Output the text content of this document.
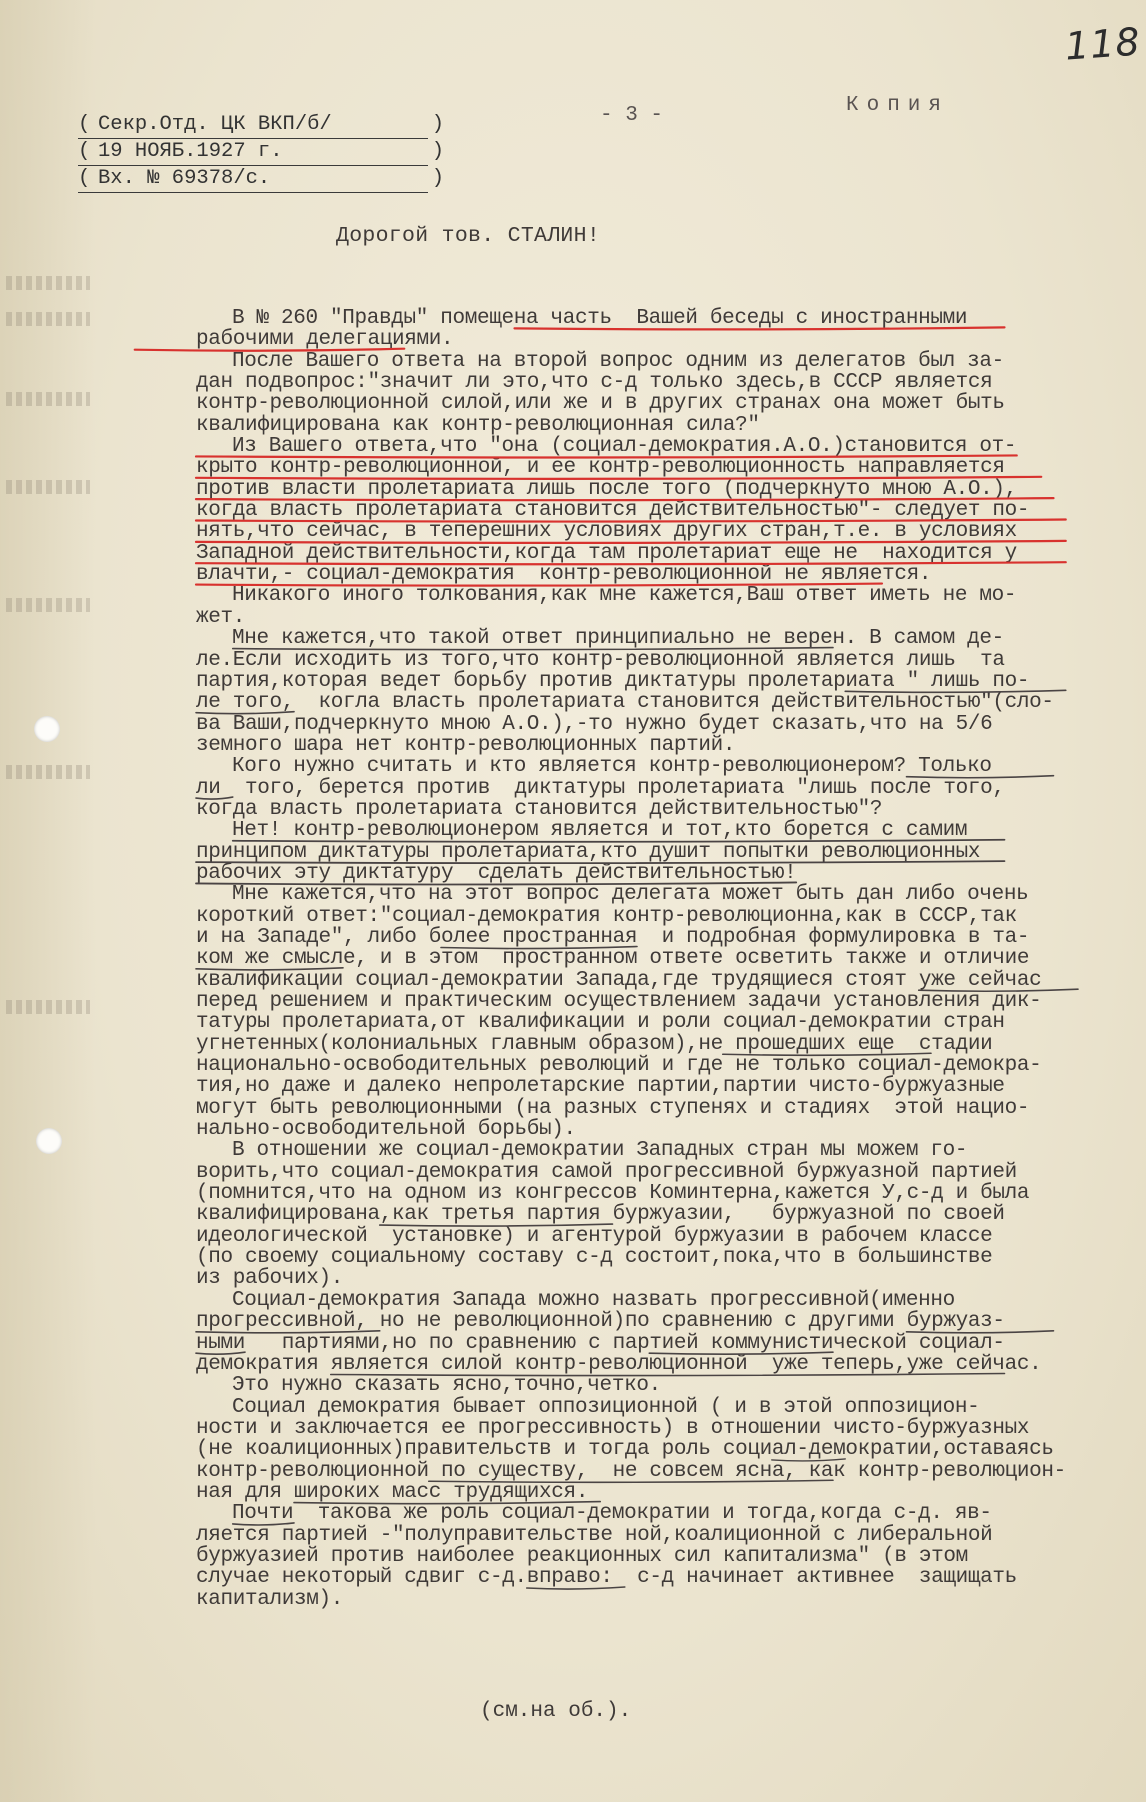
118
Копия
- 3 -
( Секр.Отд. ЦК ВКП/б/ )
( 19 НОЯБ.1927 г. )
( Вх. № 69378/с. )
Дорогой тов. СТАЛИН!
В № 260 "Правды" помещена часть  Вашей беседы с иностранными
рабочими делегациями.
После Вашего ответа на второй вопрос одним из делегатов был за-
дан подвопрос:"значит ли это,что с-д только здесь,в СССР является
контр-революционной силой,или же и в других странах она может быть
квалифицирована как контр-революционная сила?"
Из Вашего ответа,что "она (социал-демократия.А.О.)становится от-
крыто контр-революционной, и ее контр-революционность направляется
против власти пролетариата лишь после того (подчеркнуто мною А.О.),
когда власть пролетариата становится действительностью"- следует по-
нять,что сейчас, в теперешних условиях других стран,т.е. в условиях
Западной действительности,когда там пролетариат еще не  находится у
влачти,- социал-демократия  контр-революционной не является.
Никакого иного толкования,как мне кажется,Ваш ответ иметь не мо-
жет.
Мне кажется,что такой ответ принципиально не верен. В самом де-
ле.Если исходить из того,что контр-революционной является лишь  та
партия,которая ведет борьбу против диктатуры пролетариата " лишь по-
ле того,  когла власть пролетариата становится действительностью"(сло-
ва Ваши,подчеркнуто мною А.О.),-то нужно будет сказать,что на 5/6
земного шара нет контр-революционных партий.
Кого нужно считать и кто является контр-революционером? Только
ли  того, берется против  диктатуры пролетариата "лишь после того,
когда власть пролетариата становится действительностью"?
Нет! контр-революционером является и тот,кто борется с самим
принципом диктатуры пролетариата,кто душит попытки революционных
рабочих эту диктатуру  сделать действительностью!
Мне кажется,что на этот вопрос делегата может быть дан либо очень
короткий ответ:"социал-демократия контр-революционна,как в СССР,так
и на Западе", либо более пространная  и подробная формулировка в та-
ком же смысле, и в этом  пространном ответе осветить также и отличие
квалификации социал-демократии Запада,где трудящиеся стоят уже сейчас
перед решением и практическим осуществлением задачи установления дик-
татуры пролетариата,от квалификации и роли социал-демократии стран
угнетенных(колониальных главным образом),не прошедших еще  стадии
национально-освободительных революций и где не только социал-демокра-
тия,но даже и далеко непролетарские партии,партии чисто-буржуазные
могут быть революционными (на разных ступенях и стадиях  этой нацио-
нально-освободительной борьбы).
В отношении же социал-демократии Западных стран мы можем го-
ворить,что социал-демократия самой прогрессивной буржуазной партией
(помнится,что на одном из конгрессов Коминтерна,кажется У,с-д и была
квалифицирована,как третья партия буржуазии,   буржуазной по своей
идеологической  установке) и агентурой буржуазии в рабочем классе
(по своему социальному составу с-д состоит,пока,что в большинстве
из рабочих).
Социал-демократия Запада можно назвать прогрессивной(именно
прогрессивной, но не революционной)по сравнению с другими буржуаз-
ными   партиями,но по сравнению с партией коммунистической социал-
демократия является силой контр-революционной  уже теперь,уже сейчас.
Это нужно сказать ясно,точно,четко.
Социал демократия бывает оппозиционной ( и в этой оппозицион-
ности и заключается ее прогрессивность) в отношении чисто-буржуазных
(не коалиционных)правительств и тогда роль социал-демократии,оставаясь
контр-революционной по существу,  не совсем ясна, как контр-революцион-
ная для широких масс трудящихся.
Почти  такова же роль социал-демократии и тогда,когда с-д. яв-
ляется партией -"полуправительстве ной,коалиционной с либеральной
буржуазией против наиболее реакционных сил капитализма" (в этом
случае некоторый сдвиг с-д.вправо:  с-д начинает активнее  защищать
капитализм).
(см.на об.).
